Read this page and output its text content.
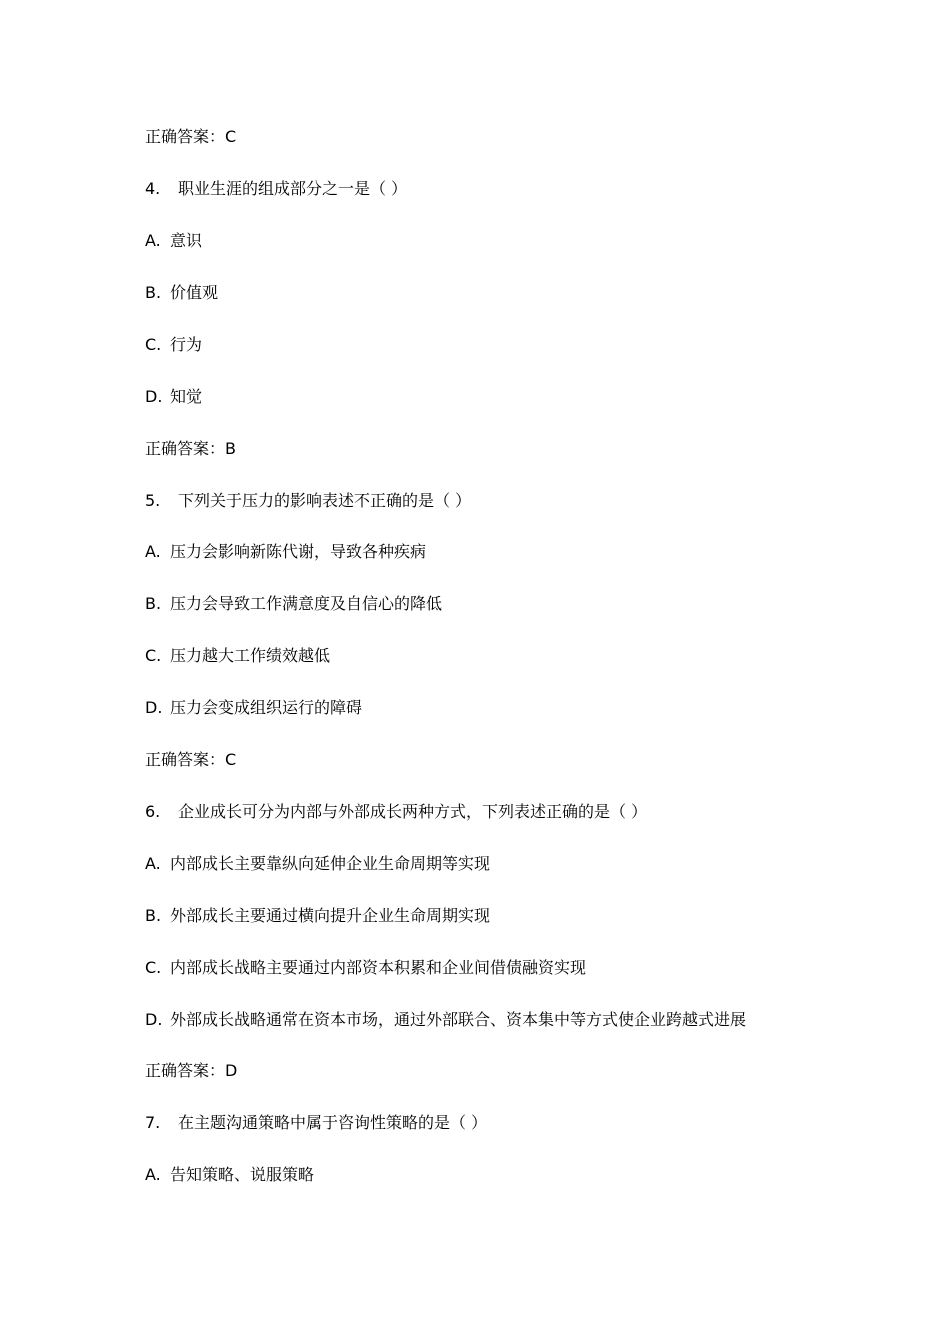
正确答案：C
4. 职业生涯的组成部分之一是（ ）
A. 意识
B. 价值观
C. 行为
D. 知觉
正确答案：B
5. 下列关于压力的影响表述不正确的是（ ）
A. 压力会影响新陈代谢，导致各种疾病
B. 压力会导致工作满意度及自信心的降低
C. 压力越大工作绩效越低
D. 压力会变成组织运行的障碍
正确答案：C
6. 企业成长可分为内部与外部成长两种方式，下列表述正确的是（ ）
A. 内部成长主要靠纵向延伸企业生命周期等实现
B. 外部成长主要通过横向提升企业生命周期实现
C. 内部成长战略主要通过内部资本积累和企业间借债融资实现
D. 外部成长战略通常在资本市场，通过外部联合、资本集中等方式使企业跨越式进展
正确答案：D
7. 在主题沟通策略中属于咨询性策略的是（ ）
A. 告知策略、说服策略
